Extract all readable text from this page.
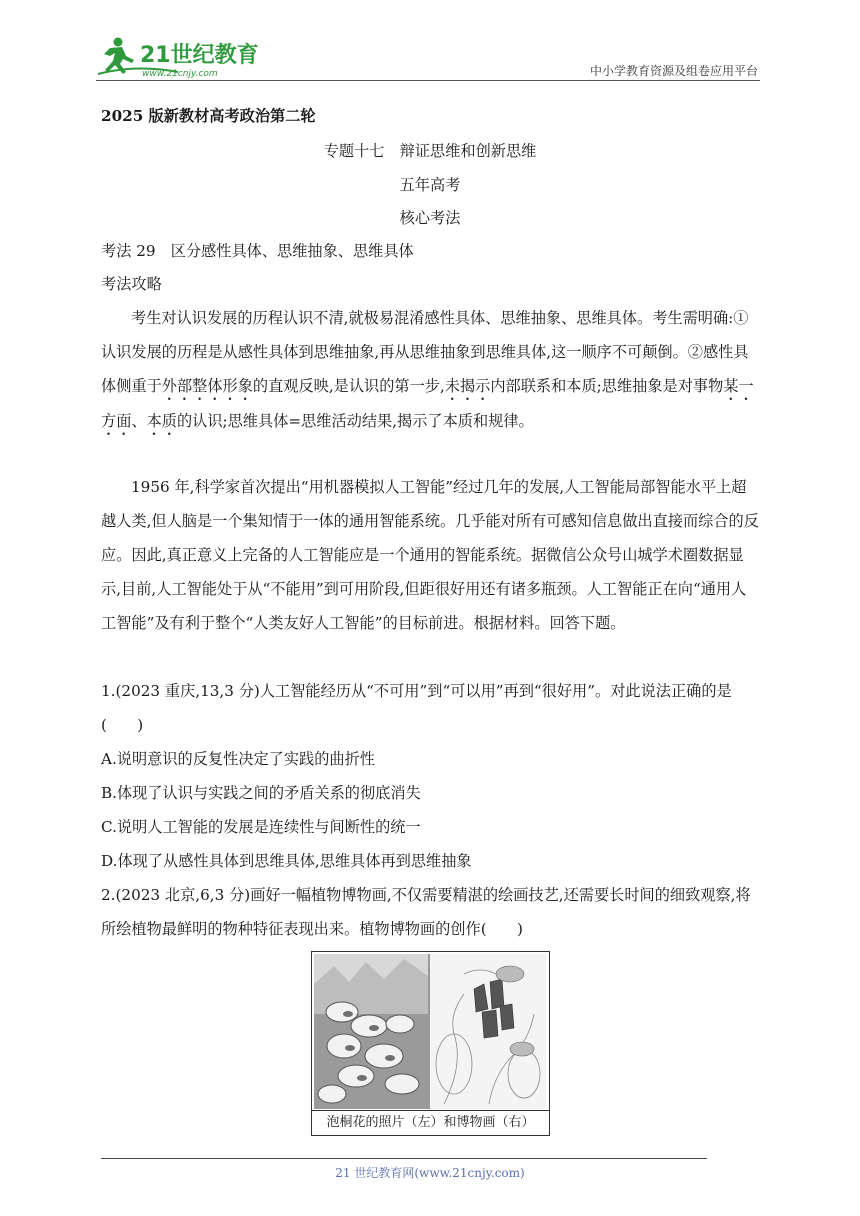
21世纪教育
www.21cnjy.com	中小学教育资源及组卷应用平台
2025 版新教材高考政治第二轮
专题十七　辩证思维和创新思维
五年高考
核心考法
考法 29　区分感性具体、思维抽象、思维具体
考法攻略

考生对认识发展的历程认识不清,就极易混淆感性具体、思维抽象、思维具体。考生需明确:①认识发展的历程是从感性具体到思维抽象,再从思维抽象到思维具体,这一顺序不可颠倒。②感性具体侧重于外部整体形象的直观反映,是认识的第一步,未揭示内部联系和本质;思维抽象是对事物某一方面、本质的认识;思维具体=思维活动结果,揭示了本质和规律。

1956 年,科学家首次提出“用机器模拟人工智能”经过几年的发展,人工智能局部智能水平上超越人类,但人脑是一个集知情于一体的通用智能系统。几乎能对所有可感知信息做出直接而综合的反应。因此,真正意义上完备的人工智能应是一个通用的智能系统。据微信公众号山城学术圈数据显示,目前,人工智能处于从“不能用”到可用阶段,但距很好用还有诸多瓶颈。人工智能正在向“通用人工智能”及有利于整个“人类友好人工智能”的目标前进。根据材料。回答下题。

1.(2023 重庆,13,3 分)人工智能经历从“不可用”到“可以用”再到“很好用”。对此说法正确的是(　　)

A.说明意识的反复性决定了实践的曲折性

B.体现了认识与实践之间的矛盾关系的彻底消失

C.说明人工智能的发展是连续性与间断性的统一

D.体现了从感性具体到思维具体,思维具体再到思维抽象

2.(2023 北京,6,3 分)画好一幅植物博物画,不仅需要精湛的绘画技艺,还需要长时间的细致观察,将所绘植物最鲜明的物种特征表现出来。植物博物画的创作(　　)

泡桐花的照片（左）和博物画（右）
21 世纪教育网(www.21cnjy.com)
